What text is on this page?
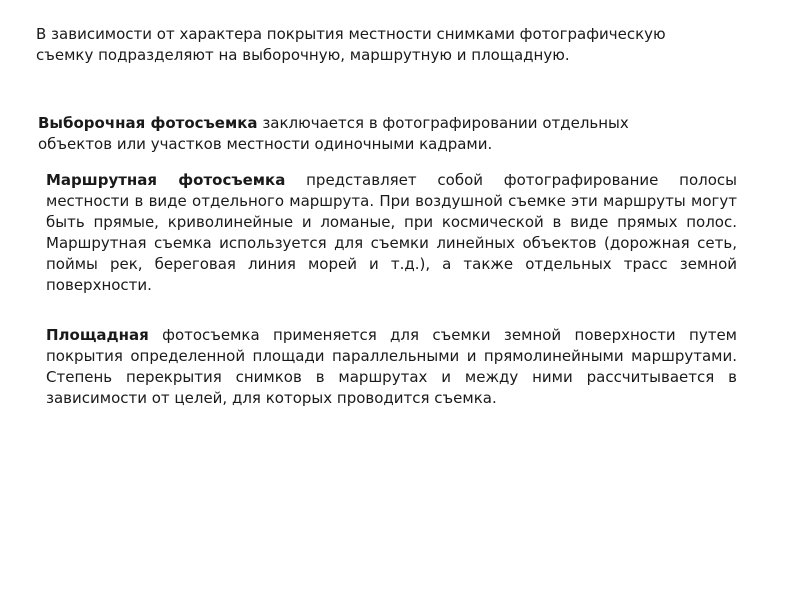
В зависимости от характера покрытия местности снимками фотографическую съемку подразделяют на выборочную, маршрутную и площадную.

Выборочная фотосъемка заключается в фотографировании отдельных объектов или участков местности одиночными кадрами.

Маршрутная фотосъемка представляет собой фотографирование полосы местности в виде отдельного маршрута. При воздушной съемке эти маршруты могут быть прямые, криволинейные и ломаные, при космической в виде прямых полос. Маршрутная съемка используется для съемки линейных объектов (дорожная сеть, поймы рек, береговая линия морей и т.д.), а также отдельных трасс земной поверхности.

Площадная фотосъемка применяется для съемки земной поверхности путем покрытия определенной площади параллельными и прямолинейными маршрутами. Степень перекрытия снимков в маршрутах и между ними рассчитывается в зависимости от целей, для которых проводится съемка.
